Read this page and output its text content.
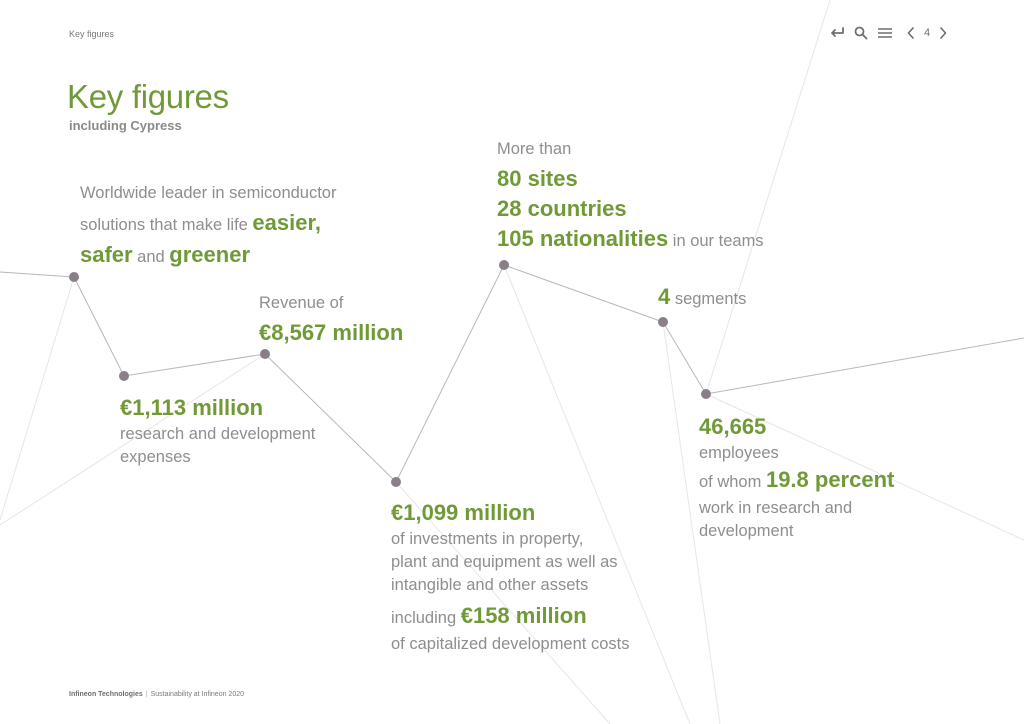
Key figures	4
Key figures
including Cypress
Worldwide leader in semiconductor
solutions that make life easier,
safer and greener
Revenue of
€8,567 million
More than
80 sites
28 countries
105 nationalities in our teams
4 segments
€1,113 million
research and development
expenses
46,665
employees
of whom 19.8 percent
work in research and
development
€1,099 million
of investments in property,
plant and equipment as well as
intangible and other assets
including €158 million
of capitalized development costs
Infineon Technologies | Sustainability at Infineon 2020
